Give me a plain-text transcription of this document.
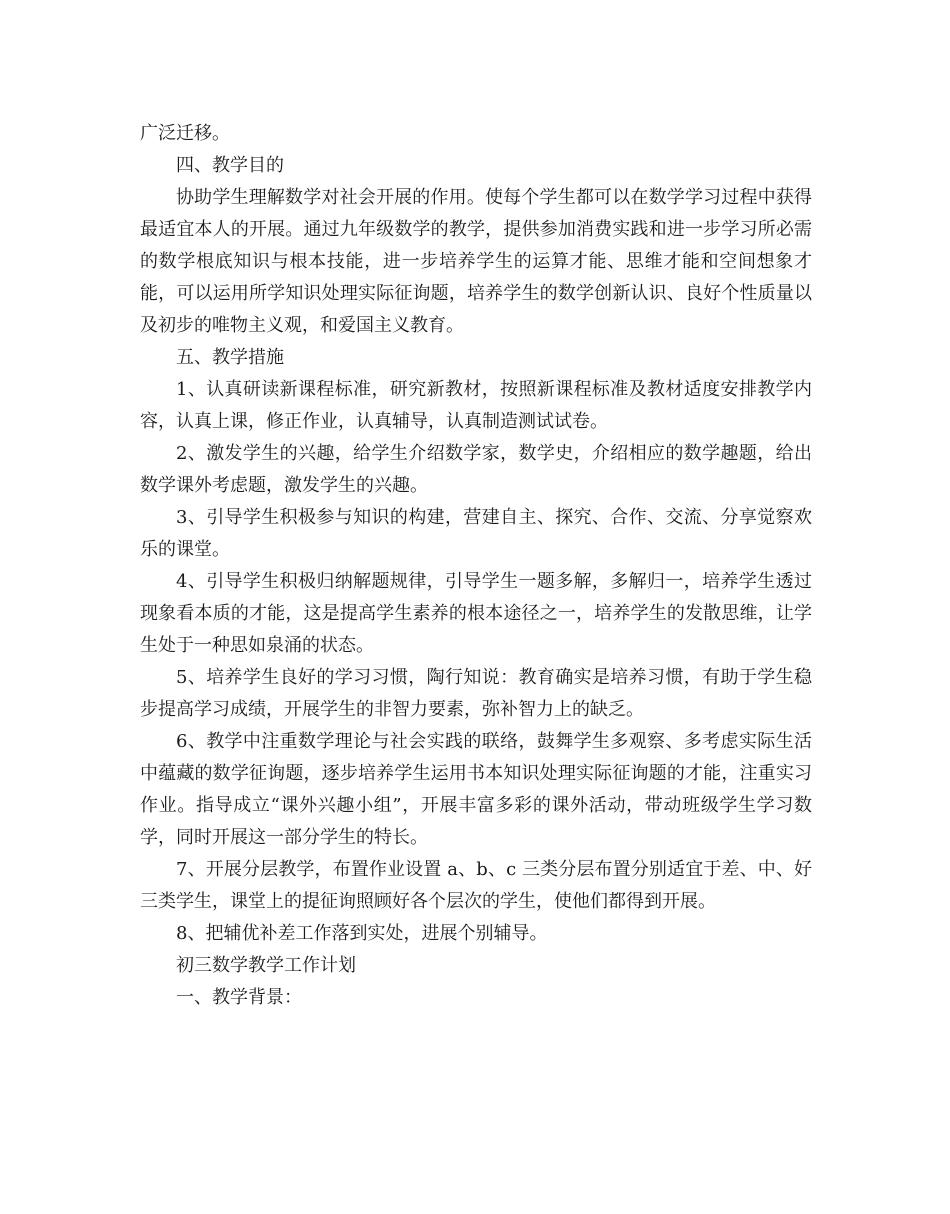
广泛迁移。

四、教学目的

协助学生理解数学对社会开展的作用。使每个学生都可以在数学学习过程中获得最适宜本人的开展。通过九年级数学的教学，提供参加消费实践和进一步学习所必需的数学根底知识与根本技能，进一步培养学生的运算才能、思维才能和空间想象才能，可以运用所学知识处理实际征询题，培养学生的数学创新认识、良好个性质量以及初步的唯物主义观，和爱国主义教育。

五、教学措施

1、认真研读新课程标准，研究新教材，按照新课程标准及教材适度安排教学内容，认真上课，修正作业，认真辅导，认真制造测试试卷。

2、激发学生的兴趣，给学生介绍数学家，数学史，介绍相应的数学趣题，给出数学课外考虑题，激发学生的兴趣。

3、引导学生积极参与知识的构建，营建自主、探究、合作、交流、分享觉察欢乐的课堂。

4、引导学生积极归纳解题规律，引导学生一题多解，多解归一，培养学生透过现象看本质的才能，这是提高学生素养的根本途径之一，培养学生的发散思维，让学生处于一种思如泉涌的状态。

5、培养学生良好的学习习惯，陶行知说：教育确实是培养习惯，有助于学生稳步提高学习成绩，开展学生的非智力要素，弥补智力上的缺乏。

6、教学中注重数学理论与社会实践的联络，鼓舞学生多观察、多考虑实际生活中蕴藏的数学征询题，逐步培养学生运用书本知识处理实际征询题的才能，注重实习作业。指导成立“课外兴趣小组”，开展丰富多彩的课外活动，带动班级学生学习数学，同时开展这一部分学生的特长。

7、开展分层教学，布置作业设置 a、b、c 三类分层布置分别适宜于差、中、好三类学生，课堂上的提征询照顾好各个层次的学生，使他们都得到开展。

8、把辅优补差工作落到实处，进展个别辅导。

初三数学教学工作计划

一、教学背景：
